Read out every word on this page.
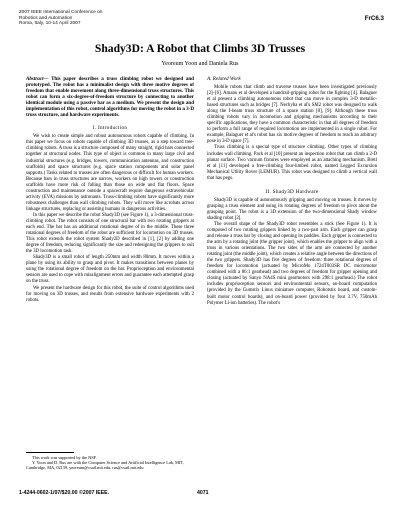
2007 IEEE International Conference on
Robotics and Automation
Roma, Italy, 10-14 April 2007
FrC6.3
Shady3D: A Robot that Climbs 3D Trusses
Yeoreum Yoon and Daniela Rus

Abstract— This paper describes a truss climbing robot we designed and prototyped. The robot has a minimalist design with three motive degrees of freedom that enable movement along three-dimensional truss structures. This robot can form a six-degree-of-freedom structure by connecting to another identical module using a passive bar as a medium. We present the design and implementation of this robot, control algorithms for moving the robot in a 3-D truss structure, and hardware experiments.

I. Introduction

We wish to create simple and robust autonomous robots capable of climbing. In this paper we focus on robots capable of climbing 3D trusses, as a step toward tree-climbing robots. A truss is a structure composed of many straight, rigid bars connected together at structural nodes. This type of object is common in many large civil and industrial structures (e.g. bridges, towers, communication antennas, and construction scaffolds) and space structures (e.g. space station components and solar panel supports.) Tasks related to trusses are often dangerous or difficult for human workers. Because bars in truss structures are narrow, workers on high towers or construction scaffolds have more risk of falling than those on wide and flat floors. Space construction and maintenance outside a spacecraft require dangerous extravehicular activity (EVA) missions by astronauts. Truss-climbing robots have significantly more robustness challenges than wall climbing robots. They will move like acrobats across linkage structures, replacing or assisting humans in dangerous activities.

In this paper we describe the robot Shady3D (see Figure 1), a 3-dimensional truss-climbing robot. The robot consists of one structural bar with two rotating grippers at each end. The bar has an additional rotational degree of in the middle. These three rotational degrees of freedom of the robot are sufficient for locomotion on 3D trusses. This robot extends the robot system Shady2D described in [1], [2] by adding one degree of freedom, reducing significantly the size and redesigning the grippers to suit the 3D locomotion task.

Shady3D is a small robot of length 250mm and width 80mm. It moves within a plane by using its ability to grasp and pivot. It makes transitions between planes by using the rotational degree of freedom on the bar. Proprioception and environmental sensors are used to cope with misalignment errors and guarantee each attempted grasp on the truss.

We present the hardware design for this robot, the suite of control algorithms used for moving on 3D trusses, and results from extensive hardware experiments with 2 robots.

This work was supported by the NSF.
Y. Yoon and D. Rus are with the Computer Science and Artificial Intelligence Lab, MIT, Cambridge, MA, 02139, yeoreum@csail.mit.edu, rus@csail.mit.edu
A. Related Work

Mobile robots that climb and traverse trusses have been investigated previously [2]–[6]. Amano et al developed a handrail-gripping robot for the fighting [4]. Balaguer et al present a climbing autonomous robot that can move in complex 3-D metallic-based structures such as bridges [7]. Nechyba et al's SM2 robot was designed to walk along the I-beam truss structure of a space station [8], [9]. Although these truss climbing robots vary in locomotion and gripping mechanisms according to their specific applications, they have a common characteristic in that all degrees of freedom to perform a full range of required locomotion are implemented in a single robot. For example, Balaguer et al's robot has six motive degrees of freedom to reach an arbitrary pose in 3-D space [7].

Truss climbing is a special type of structure climbing. Other types of climbing includes wall climbing. Pack et al [10] present an inspection robot that can climb a 2-D planar surface. Two vacuum fixtures were employed as an attaching mechanism. Bretl et al [11] developed a free-climbing four-limbed robot, named Legged Excursion Mechanical Utility Rover (LEMUR). This robot was designed to climb a vertical wall that has pegs.

II. Shady3D Hardware

Shady3D is capable of autonomously gripping and moving on trusses. It moves by grasping a truss element and using its rotating degrees of freedom to pivot about the grasping point. The robot is a 3D extension of the two-dimensional Shady window shading robot [2].

The overall shape of the Shady3D robot resembles a stick (See Figure 1). It is composed of two rotating grippers linked by a two-part arm. Each gripper can grasp and release a truss bar by closing and opening its paddles. Each gripper is connected to the arm by a rotating joint (the gripper joint), which enables the gripper to align with a truss in various orientations. The two sides of the arm are connected by another rotating joint (the middle joint), which creates a relative angle between the directions of the two grippers. Shady3D has five degrees of freedom: three rotational degrees of freedom for locomotion (actuated by MicroMo 1724T003SR DC micromotor combined with a 86:1 gearhead) and two degrees of freedom for gripper opening and closing (actuated by Sanyo NA4S mini gearmotors with 298:1 gearhead.) The robot includes proprioception sensors and environmental sensors, on-board computation (provided by the Gumstix Linux miniature computer, Robotstix board, and custom-built motor control boards), and on-board power (provided by four 3.7V, 750mAh Polymer Li-ion batteries). The robot's

1-4244-0602-1/07/$20.00 ©2007 IEEE.	4071
